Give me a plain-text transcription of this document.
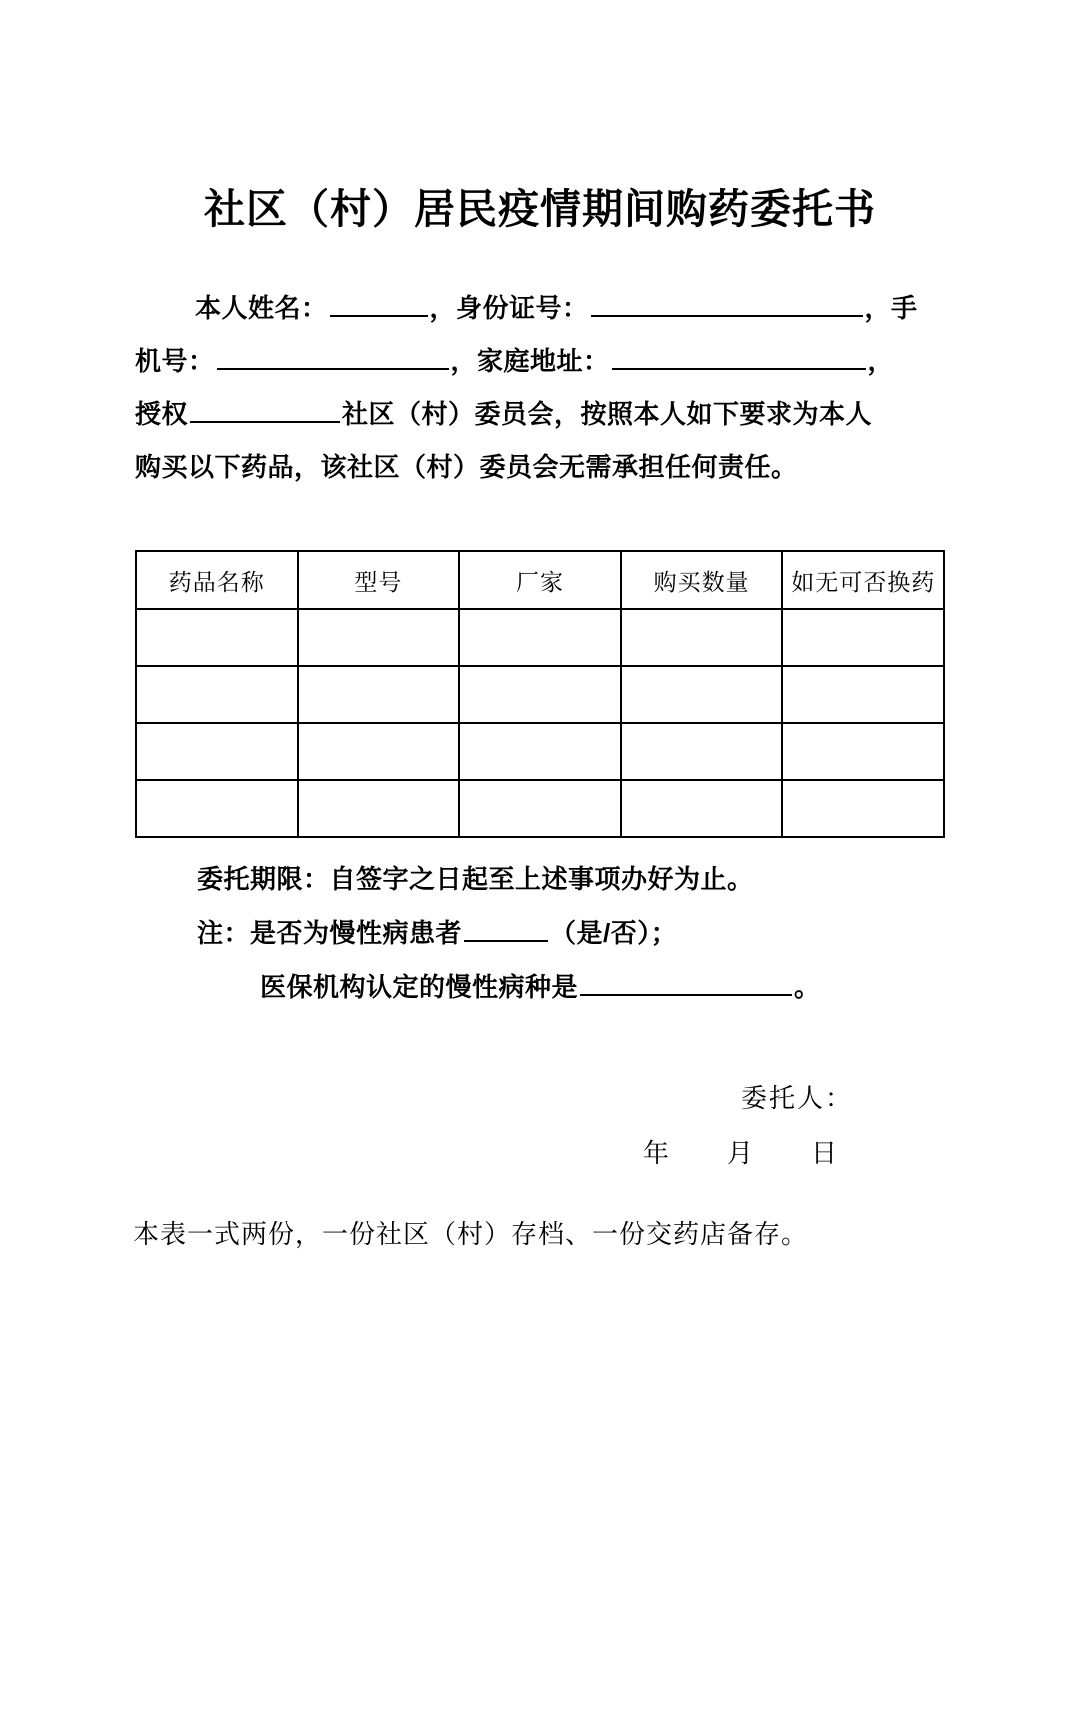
社区（村）居民疫情期间购药委托书
本人姓名：	，身份证号：	，手
机号：	，家庭地址：	，
授权	社区（村）委员会，按照本人如下要求为本人
购买以下药品，该社区（村）委员会无需承担任何责任。
药品名称	型号	厂家	购买数量	如无可否换药

委托期限：自签字之日起至上述事项办好为止。
注：是否为慢性病患者	（是/否）；
医保机构认定的慢性病种是	。
委托人：
年 月 日
本表一式两份，一份社区（村）存档、一份交药店备存。
